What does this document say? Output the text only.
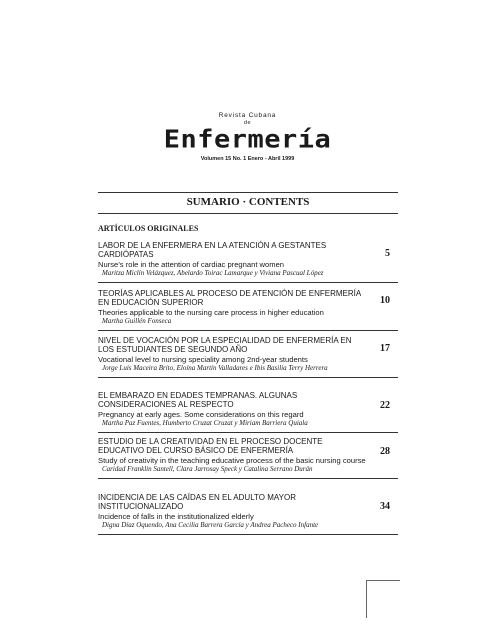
Revista Cubana
de
Enfermería
Volumen 15 No. 1 Enero - Abril 1999
SUMARIO · CONTENTS
ARTÍCULOS ORIGINALES
LABOR DE LA ENFERMERA EN LA ATENCIÓN A GESTANTES CARDIÓPATAS
Nurse’s role in the attention of cardiac pregnant women
Maritza Miclín Velázquez, Abelardo Toirac Lamarque y Viviana Pascual López
5
TEORÍAS APLICABLES AL PROCESO DE ATENCIÓN DE ENFERMERÍA EN EDUCACIÓN SUPERIOR
Theories applicable to the nursing care process in higher education
Martha Guillén Fonseca
10
NIVEL DE VOCACIÓN POR LA ESPECIALIDAD DE ENFERMERÍA EN LOS ESTUDIANTES DE SEGUNDO AÑO
Vocational level to nursing speciality among 2nd-year students
Jorge Luis Maceira Brito, Eloína Martín Valladares e Ibis Basilia Terry Herrera
17
EL EMBARAZO EN EDADES TEMPRANAS. ALGUNAS CONSIDERACIONES AL RESPECTO
Pregnancy at early ages. Some considerations on this regard
Martha Paz Fuentes, Humberto Cruzat Cruzat y Miriam Barriera Quiala
22
ESTUDIO DE LA CREATIVIDAD EN EL PROCESO DOCENTE EDUCATIVO DEL CURSO BÁSICO DE ENFERMERÍA
Study of creativity in the teaching educative process of the basic nursing course
Caridad Franklin Santell, Clara Jarrosay Speck y Catalina Serrano Durán
28
INCIDENCIA DE LAS CAÍDAS EN EL ADULTO MAYOR INSTITUCIONALIZADO
Incidence of falls in the institutionalized elderly
Digna Díaz Oquendo, Ana Cecilia Barrera García y Andrea Pacheco Infante
34
